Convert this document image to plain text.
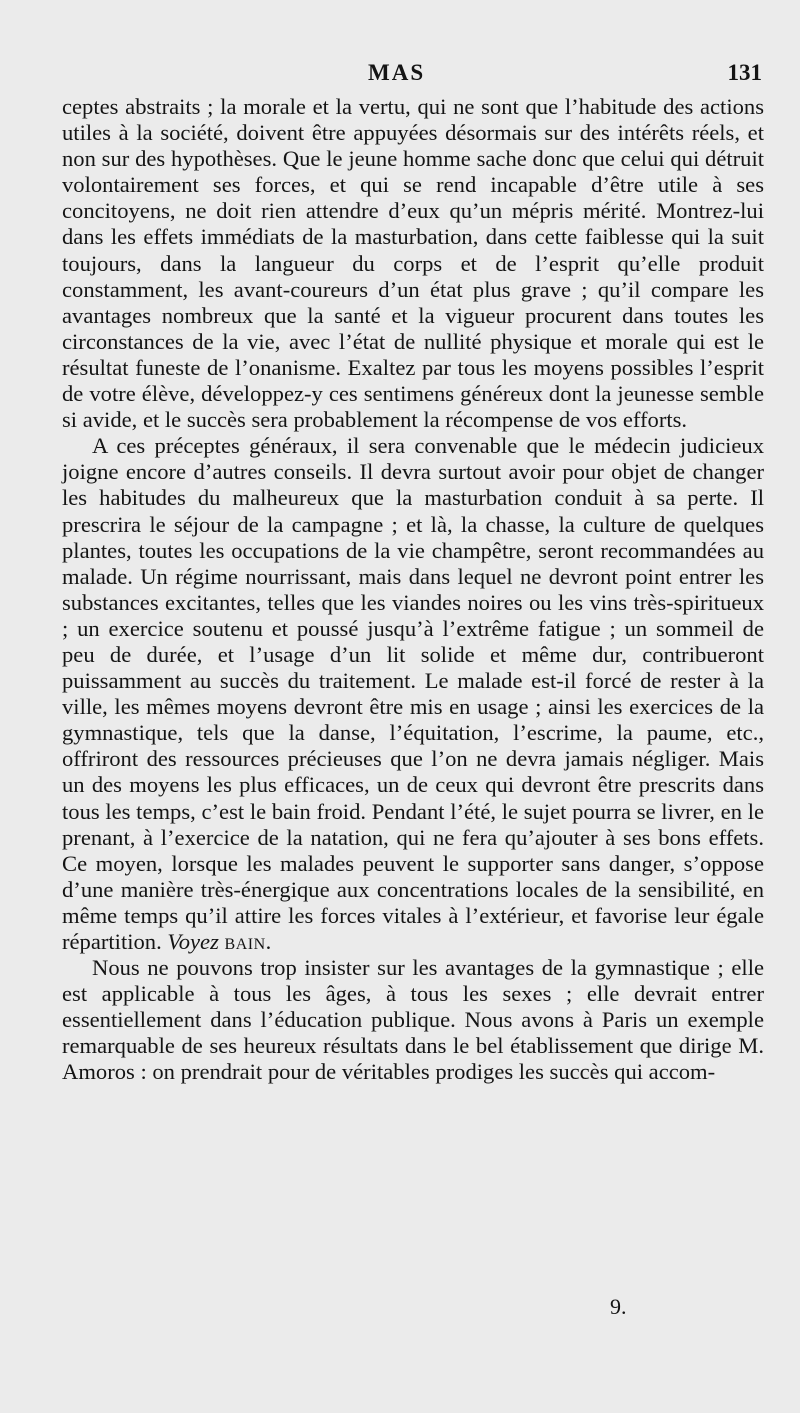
MAS	131

ceptes abstraits ; la morale et la vertu, qui ne sont que l’habitude des actions utiles à la société, doivent être appuyées désormais sur des intérêts réels, et non sur des hypothèses. Que le jeune homme sache donc que celui qui détruit volontairement ses forces, et qui se rend incapable d’être utile à ses concitoyens, ne doit rien attendre d’eux qu’un mépris mérité. Montrez-lui dans les effets immédiats de la masturbation, dans cette faiblesse qui la suit toujours, dans la langueur du corps et de l’esprit qu’elle produit constamment, les avant-coureurs d’un état plus grave ; qu’il compare les avantages nombreux que la santé et la vigueur procurent dans toutes les circonstances de la vie, avec l’état de nullité physique et morale qui est le résultat funeste de l’onanisme. Exaltez par tous les moyens possibles l’esprit de votre élève, développez-y ces sentimens généreux dont la jeunesse semble si avide, et le succès sera probablement la récompense de vos efforts.

A ces préceptes généraux, il sera convenable que le médecin judicieux joigne encore d’autres conseils. Il devra surtout avoir pour objet de changer les habitudes du malheureux que la masturbation conduit à sa perte. Il prescrira le séjour de la campagne ; et là, la chasse, la culture de quelques plantes, toutes les occupations de la vie champêtre, seront recommandées au malade. Un régime nourrissant, mais dans lequel ne devront point entrer les substances excitantes, telles que les viandes noires ou les vins très-spiritueux ; un exercice soutenu et poussé jusqu’à l’extrême fatigue ; un sommeil de peu de durée, et l’usage d’un lit solide et même dur, contribueront puissamment au succès du traitement. Le malade est-il forcé de rester à la ville, les mêmes moyens devront être mis en usage ; ainsi les exercices de la gymnastique, tels que la danse, l’équitation, l’escrime, la paume, etc., offriront des ressources précieuses que l’on ne devra jamais négliger. Mais un des moyens les plus efficaces, un de ceux qui devront être prescrits dans tous les temps, c’est le bain froid. Pendant l’été, le sujet pourra se livrer, en le prenant, à l’exercice de la natation, qui ne fera qu’ajouter à ses bons effets. Ce moyen, lorsque les malades peuvent le supporter sans danger, s’oppose d’une manière très-énergique aux concentrations locales de la sensibilité, en même temps qu’il attire les forces vitales à l’extérieur, et favorise leur égale répartition. Voyez bain.

Nous ne pouvons trop insister sur les avantages de la gymnastique ; elle est applicable à tous les âges, à tous les sexes ; elle devrait entrer essentiellement dans l’éducation publique. Nous avons à Paris un exemple remarquable de ses heureux résultats dans le bel établissement que dirige M. Amoros : on prendrait pour de véritables prodiges les succès qui accom-

9.
